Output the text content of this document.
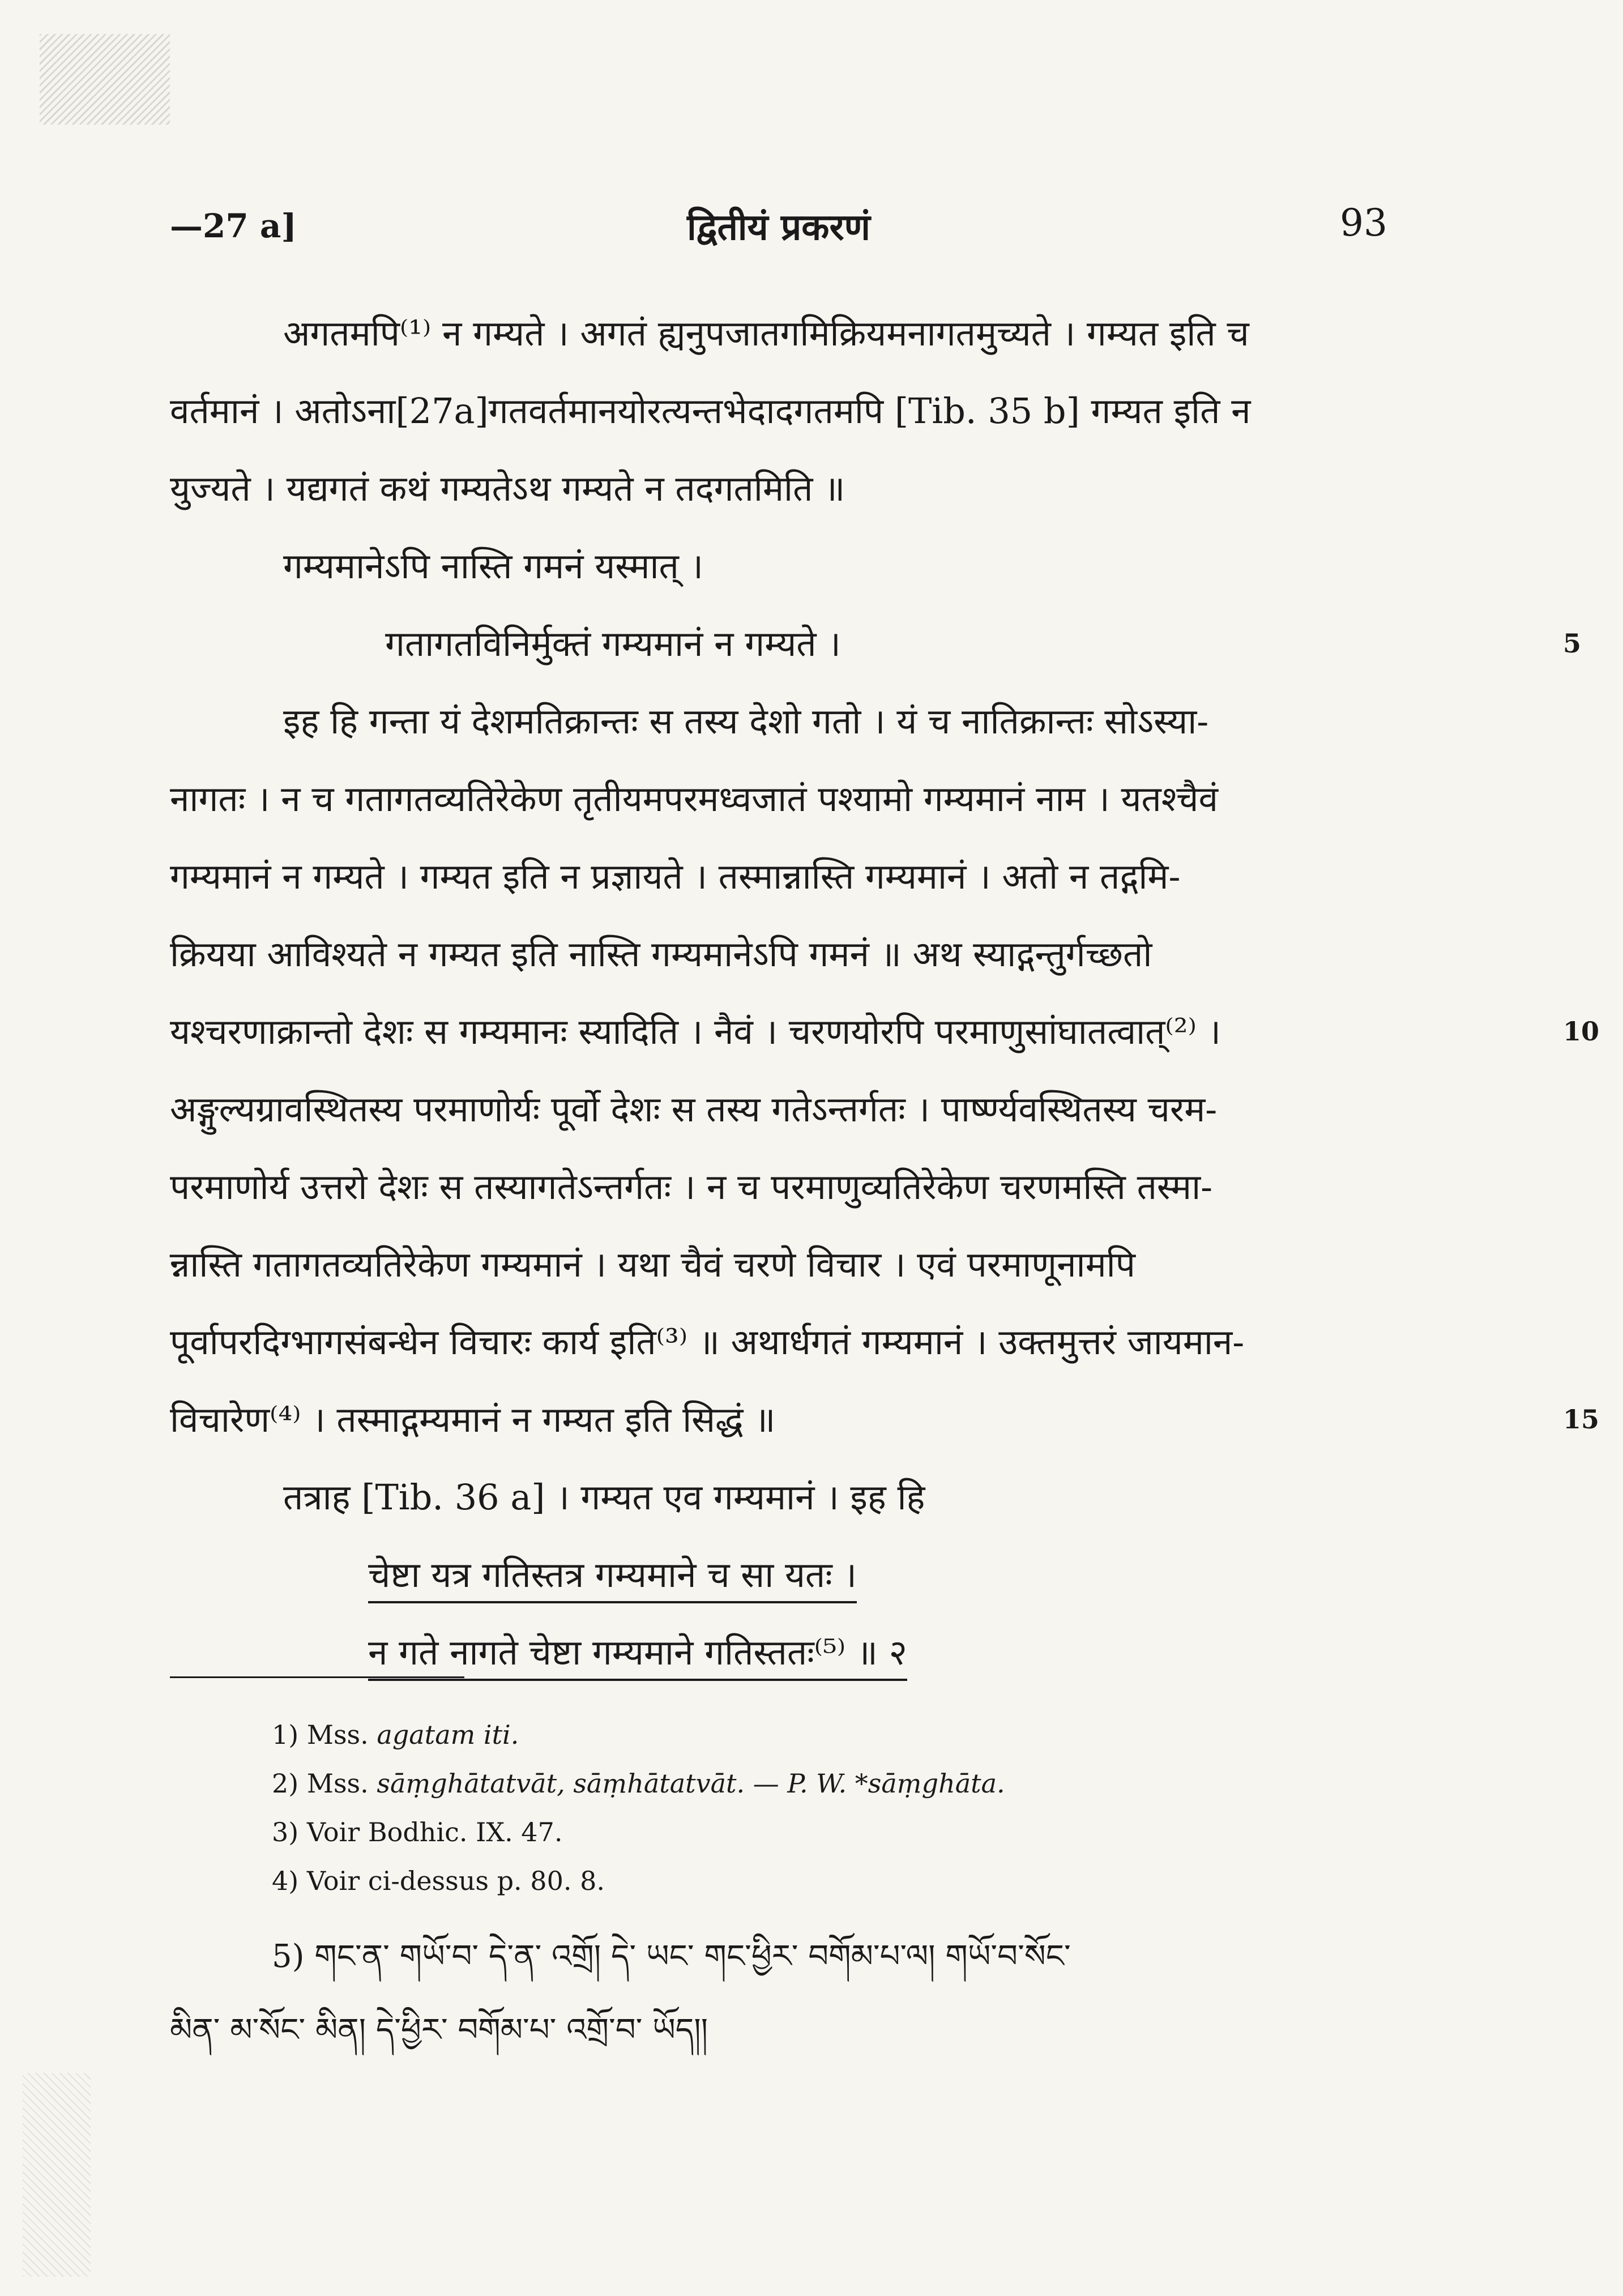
—27 a]	द्वितीयं प्रकरणं	93
अगतमपि⁽¹⁾ न गम्यते । अगतं ह्यनुपजातगमिक्रियमनागतमुच्यते । गम्यत इति च
वर्तमानं । अतोऽना[27a]गतवर्तमानयोरत्यन्तभेदादगतमपि [Tib. 35 b] गम्यत इति न
युज्यते । यद्यगतं कथं गम्यतेऽथ गम्यते न तदगतमिति ॥
गम्यमानेऽपि नास्ति गमनं यस्मात् ।
गतागतविनिर्मुक्तं गम्यमानं न गम्यते ।	5
इह हि गन्ता यं देशमतिक्रान्तः स तस्य देशो गतो । यं च नातिक्रान्तः सोऽस्या-
नागतः । न च गतागतव्यतिरेकेण तृतीयमपरमध्वजातं पश्यामो गम्यमानं नाम । यतश्चैवं
गम्यमानं न गम्यते । गम्यत इति न प्रज्ञायते । तस्मान्नास्ति गम्यमानं । अतो न तद्गमि-
क्रियया आविश्यते न गम्यत इति नास्ति गम्यमानेऽपि गमनं ॥ अथ स्याद्गन्तुर्गच्छतो
यश्चरणाक्रान्तो देशः स गम्यमानः स्यादिति । नैवं । चरणयोरपि परमाणुसांघातत्वात्⁽²⁾ ।	10
अङ्गुल्यग्रावस्थितस्य परमाणोर्यः पूर्वो देशः स तस्य गतेऽन्तर्गतः । पार्ष्ण्यवस्थितस्य चरम-
परमाणोर्य उत्तरो देशः स तस्यागतेऽन्तर्गतः । न च परमाणुव्यतिरेकेण चरणमस्ति तस्मा-
न्नास्ति गतागतव्यतिरेकेण गम्यमानं । यथा चैवं चरणे विचार । एवं परमाणूनामपि
पूर्वापरदिग्भागसंबन्धेन विचारः कार्य इति⁽³⁾ ॥ अथार्धगतं गम्यमानं । उक्तमुत्तरं जायमान-
विचारेण⁽⁴⁾ । तस्माद्गम्यमानं न गम्यत इति सिद्धं ॥	15
तत्राह [Tib. 36 a] । गम्यत एव गम्यमानं । इह हि
चेष्टा यत्र गतिस्तत्र गम्यमाने च सा यतः ।
न गते नागते चेष्टा गम्यमाने गतिस्ततः⁽⁵⁾ ॥ २
1) Mss. agatam iti.
2) Mss. sāṃghātatvāt, sāṃhātatvāt. — P. W. *sāṃghāta.
3) Voir Bodhic. IX. 47.
4) Voir ci-dessus p. 80. 8.
5) གང་ན་ གཡོ་བ་ དེ་ན་ འགྲོ། དེ་ ཡང་ གང་ཕྱིར་ བགོམ་པ་ལ། གཡོ་བ་སོང་
མིན་ མ་སོང་ མིན། དེ་ཕྱིར་ བགོམ་པ་ འགྲོ་བ་ ཡོད།།
